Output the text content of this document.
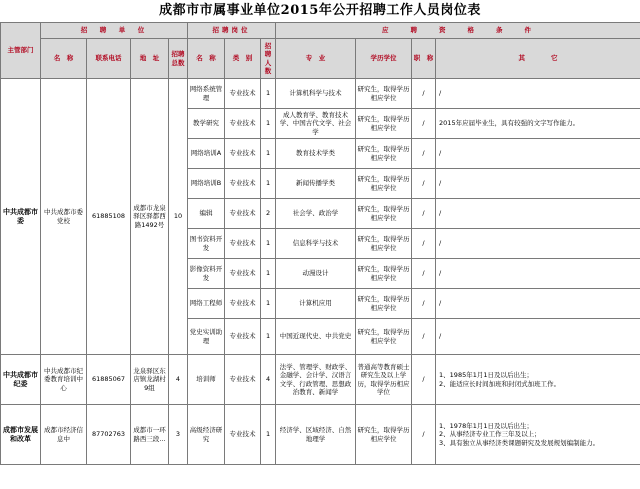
成都市市属事业单位2015年公开招聘工作人员岗位表
主管部门	招　聘　单　位				招聘岗位			应　　聘　　资　　格　　条　　件			
	名　称	联系电话	地　址	招聘总数	名　称	类　别	招聘人数	专　业	学历学位	职　称	其　　　　它
中共成都市委	中共成都市委党校	61885108	成都市龙泉驿区驿都西路1492号	10	网络系统管理	专业技术	1	计算机科学与技术	研究生，取得学历相应学位	/	/
					教学研究	专业技术	1	成人教育学、教育技术学、中国古代文学、社会学	研究生，取得学历相应学位	/	2015年应届毕业生，具有较强的文字写作能力。
					网络培训A	专业技术	1	教育技术学类	研究生，取得学历相应学位	/	/
					网络培训B	专业技术	1	新闻传播学类	研究生，取得学历相应学位	/	/
					编辑	专业技术	2	社会学、政治学	研究生，取得学历相应学位	/	/
					图书资料开发	专业技术	1	信息科学与技术	研究生，取得学历相应学位	/	/
					影像资料开发	专业技术	1	动漫设计	研究生，取得学历相应学位	/	/
					网络工程师	专业技术	1	计算机应用	研究生，取得学历相应学位	/	/
					党史实训助理	专业技术	1	中国近现代史、中共党史	研究生，取得学历相应学位	/	/
中共成都市纪委	中共成都市纪委教育培训中心	61885067	龙泉驿区东店镇龙湖村9组	4	培训师	专业技术	4	法学、管理学、财政学、金融学、会计学、汉语言文学、行政管理、思想政治教育、新闻学	普通高等教育硕士研究生及以上学历，取得学历相应学位	/	1、1985年1月1日及以后出生；
2、能适应长时间加班和封闭式加班工作。
成都市发展和改革	成都市经济信息中	87702763	成都市一环路西三段...	3	高级经济研究	专业技术	1	经济学、区域经济、自然地理学	研究生，取得学历相应学位	/	1、1978年1月1日及以后出生；
2、从事经济专业工作三年及以上；
3、具有独立从事经济类课题研究及发展规划编制能力。
